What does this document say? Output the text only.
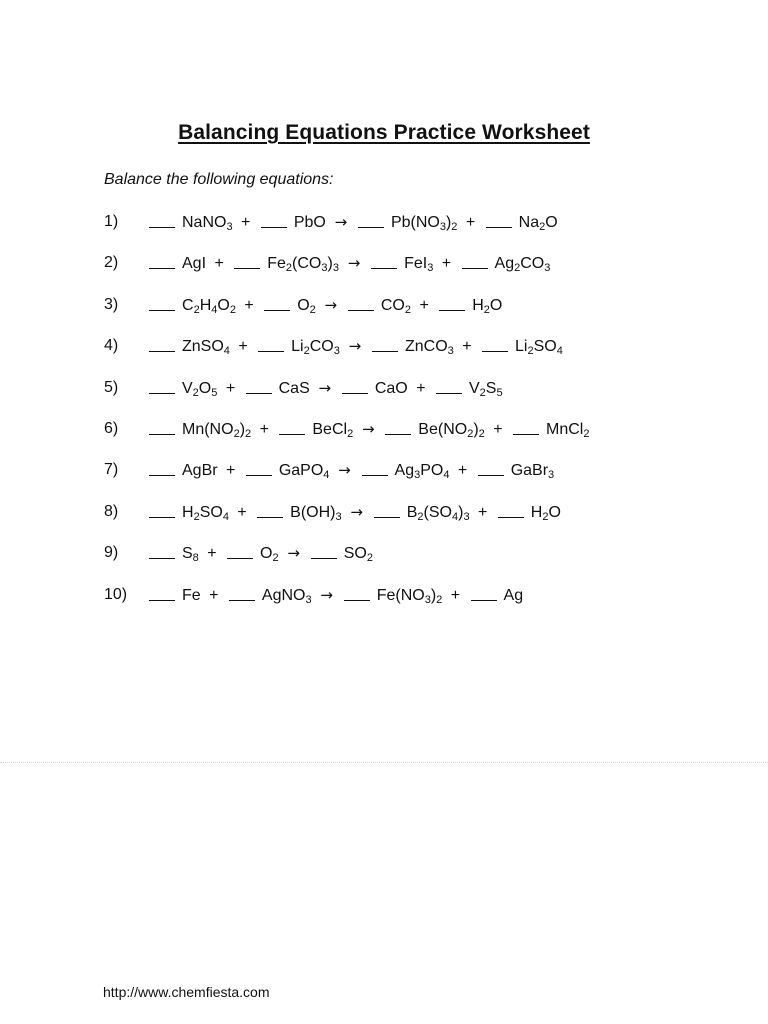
Balancing Equations Practice Worksheet

Balance the following equations:

1)	NaNO$_3$ + PbO → $Pb(NO_3)_2 + Na_2O$
2)	AgI + $Fe_2(CO_3)_3 \to FeI_3 + Ag_2CO_3$
3)	$C_2H_4O_2 + O_2 \to CO_2 + H_2O$
4)	ZnSO$_4$ + $Li_2CO_3$ → ZnCO$_3$ + $Li_2SO_4$
5)	$V_2O_5$ + CaS → CaO + $V_2S_5$
6)	$Mn(NO_2)_2$ + BeCl$_2$ → $Be(NO_2)_2$ + MnCl$_2$
7)	AgBr + GaPO$_4$ → $Ag_3PO_4$ + GaBr$_3$
8)	$H_2SO_4 + B(OH)_3 \to B_2(SO_4)_3 + H_2O$
9)	$S_8 + O_2 \to SO_2$
10)	Fe + AgNO$_3$ → $Fe(NO_3)_2 + Ag$

http://www.chemfiesta.com
